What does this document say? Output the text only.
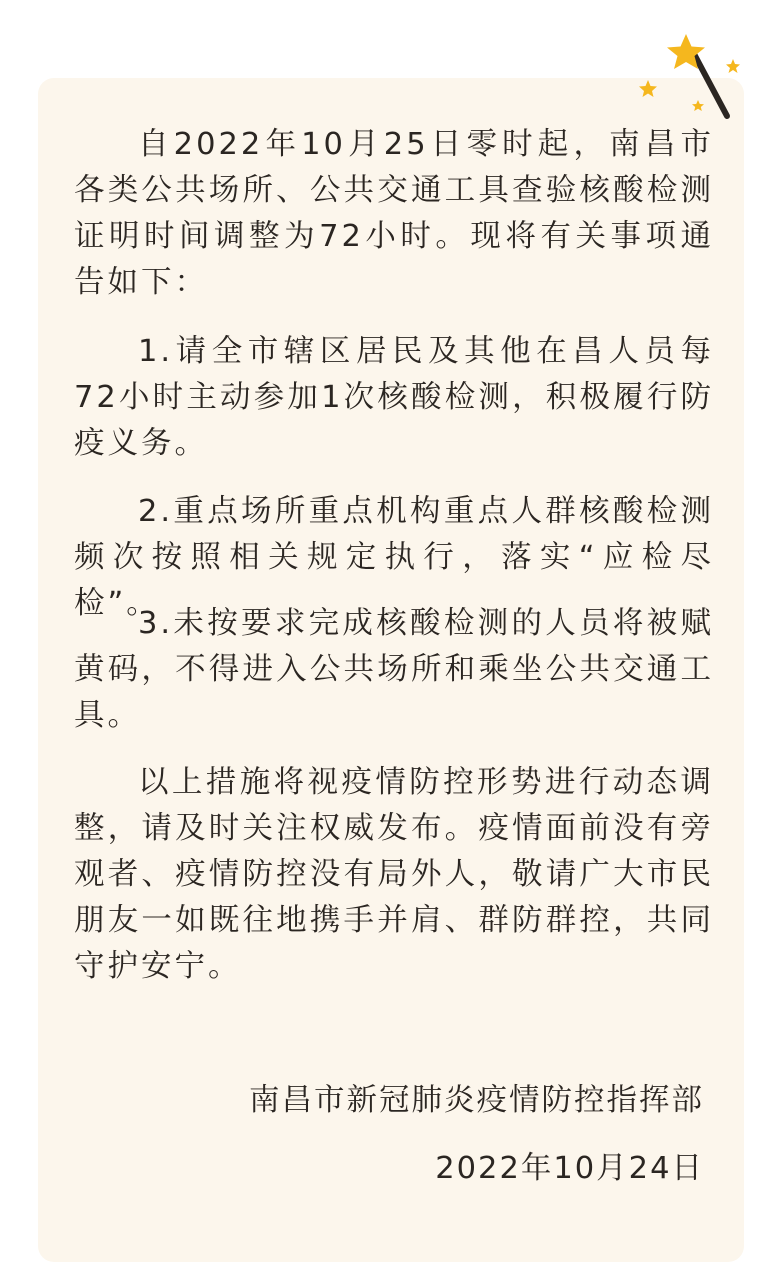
自2022年10月25日零时起，南昌市各类公共场所、公共交通工具查验核酸检测证明时间调整为72小时。现将有关事项通告如下：

1.请全市辖区居民及其他在昌人员每72小时主动参加1次核酸检测，积极履行防疫义务。

2.重点场所重点机构重点人群核酸检测频次按照相关规定执行，落实“应检尽检”。

3.未按要求完成核酸检测的人员将被赋黄码，不得进入公共场所和乘坐公共交通工具。

以上措施将视疫情防控形势进行动态调整，请及时关注权威发布。疫情面前没有旁观者、疫情防控没有局外人，敬请广大市民朋友一如既往地携手并肩、群防群控，共同守护安宁。

南昌市新冠肺炎疫情防控指挥部
2022年10月24日
